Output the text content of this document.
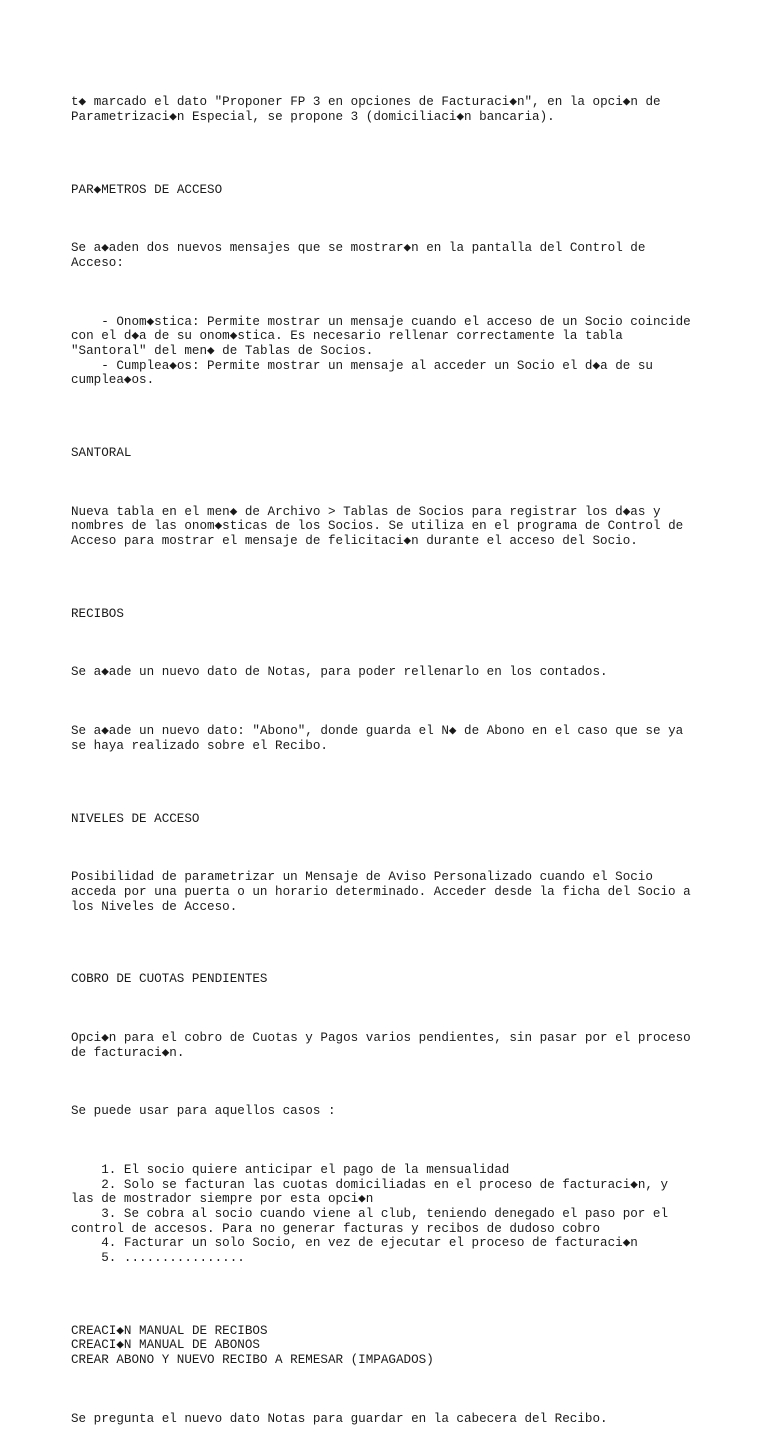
t◆ marcado el dato "Proponer FP 3 en opciones de Facturaci◆n", en la opci◆n de
Parametrizaci◆n Especial, se propone 3 (domiciliaci◆n bancaria).

PAR◆METROS DE ACCESO

Se a◆aden dos nuevos mensajes que se mostrar◆n en la pantalla del Control de
Acceso:

- Onom◆stica: Permite mostrar un mensaje cuando el acceso de un Socio coincide
con el d◆a de su onom◆stica. Es necesario rellenar correctamente la tabla
"Santoral" del men◆ de Tablas de Socios.
- Cumplea◆os: Permite mostrar un mensaje al acceder un Socio el d◆a de su
cumplea◆os.

SANTORAL

Nueva tabla en el men◆ de Archivo > Tablas de Socios para registrar los d◆as y
nombres de las onom◆sticas de los Socios. Se utiliza en el programa de Control de
Acceso para mostrar el mensaje de felicitaci◆n durante el acceso del Socio.

RECIBOS

Se a◆ade un nuevo dato de Notas, para poder rellenarlo en los contados.

Se a◆ade un nuevo dato: "Abono", donde guarda el N◆ de Abono en el caso que se ya
se haya realizado sobre el Recibo.

NIVELES DE ACCESO

Posibilidad de parametrizar un Mensaje de Aviso Personalizado cuando el Socio
acceda por una puerta o un horario determinado. Acceder desde la ficha del Socio a
los Niveles de Acceso.

COBRO DE CUOTAS PENDIENTES

Opci◆n para el cobro de Cuotas y Pagos varios pendientes, sin pasar por el proceso
de facturaci◆n.

Se puede usar para aquellos casos :

1. El socio quiere anticipar el pago de la mensualidad
2. Solo se facturan las cuotas domiciliadas en el proceso de facturaci◆n, y
las de mostrador siempre por esta opci◆n
3. Se cobra al socio cuando viene al club, teniendo denegado el paso por el
control de accesos. Para no generar facturas y recibos de dudoso cobro
4. Facturar un solo Socio, en vez de ejecutar el proceso de facturaci◆n
5. ................

CREACI◆N MANUAL DE RECIBOS
CREACI◆N MANUAL DE ABONOS
CREAR ABONO Y NUEVO RECIBO A REMESAR (IMPAGADOS)

Se pregunta el nuevo dato Notas para guardar en la cabecera del Recibo.
